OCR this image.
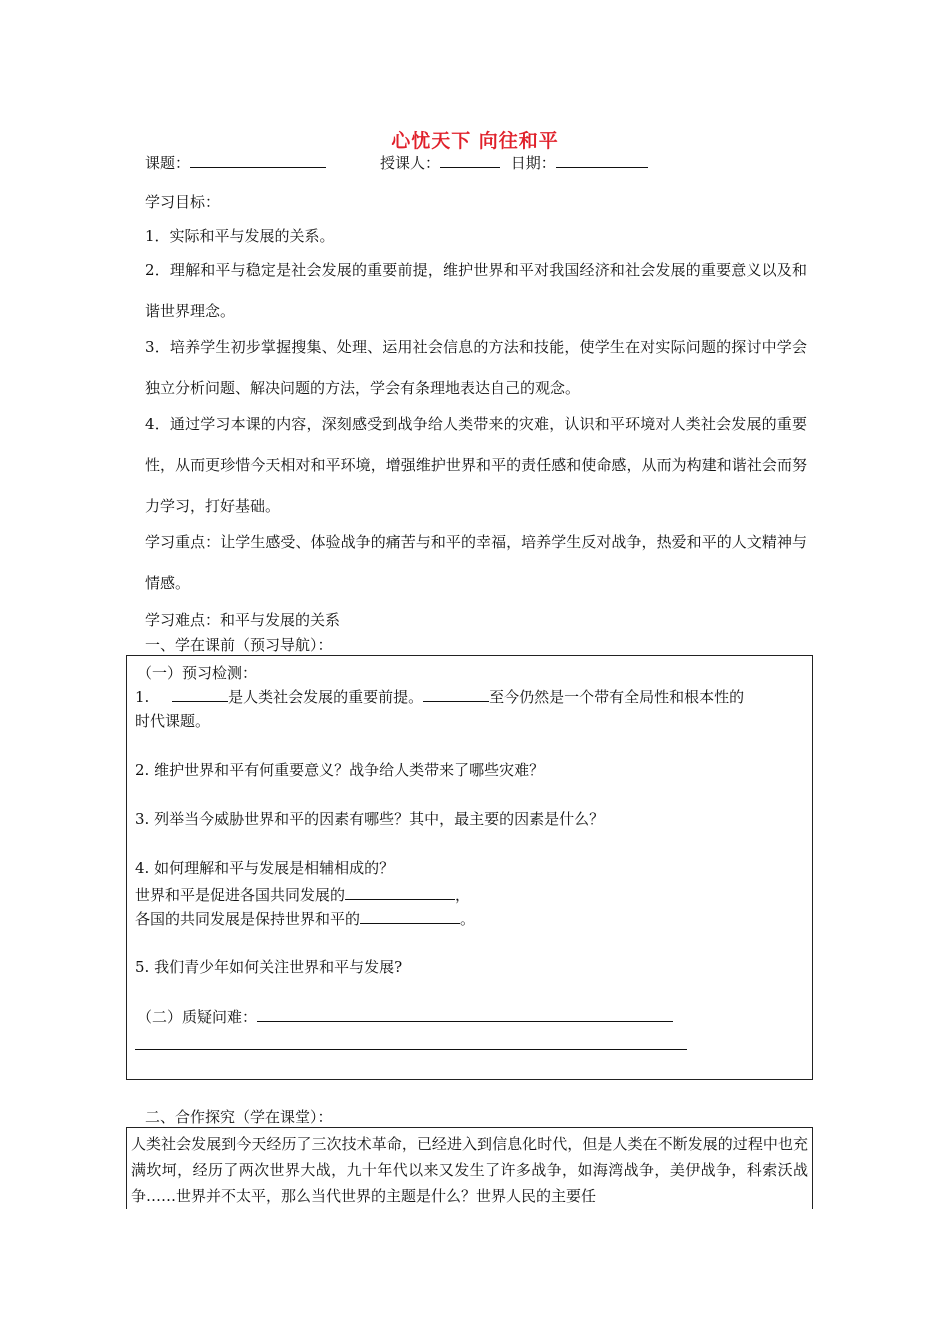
心忧天下 向往和平
课题：	授课人：	日期：
学习目标：
1．实际和平与发展的关系。
2．理解和平与稳定是社会发展的重要前提，维护世界和平对我国经济和社会发展的重要意义以及和谐世界理念。
3．培养学生初步掌握搜集、处理、运用社会信息的方法和技能，使学生在对实际问题的探讨中学会独立分析问题、解决问题的方法，学会有条理地表达自己的观念。
4．通过学习本课的内容，深刻感受到战争给人类带来的灾难，认识和平环境对人类社会发展的重要性，从而更珍惜今天相对和平环境，增强维护世界和平的责任感和使命感，从而为构建和谐社会而努力学习，打好基础。
学习重点：让学生感受、体验战争的痛苦与和平的幸福，培养学生反对战争，热爱和平的人文精神与情感。
学习难点：和平与发展的关系
一、学在课前（预习导航）：
（一）预习检测：
1.	是人类社会发展的重要前提。	至今仍然是一个带有全局性和根本性的
时代课题。
2. 维护世界和平有何重要意义？战争给人类带来了哪些灾难？
3. 列举当今威胁世界和平的因素有哪些？其中，最主要的因素是什么？
4. 如何理解和平与发展是相辅相成的？
世界和平是促进各国共同发展的	，
各国的共同发展是保持世界和平的	。
5. 我们青少年如何关注世界和平与发展?
（二）质疑问难：
二、合作探究（学在课堂）：

人类社会发展到今天经历了三次技术革命，已经进入到信息化时代，但是人类在不断发展的过程中也充满坎坷，经历了两次世界大战，九十年代以来又发生了许多战争，如海湾战争，美伊战争，科索沃战争……世界并不太平，那么当代世界的主题是什么？世界人民的主要任
